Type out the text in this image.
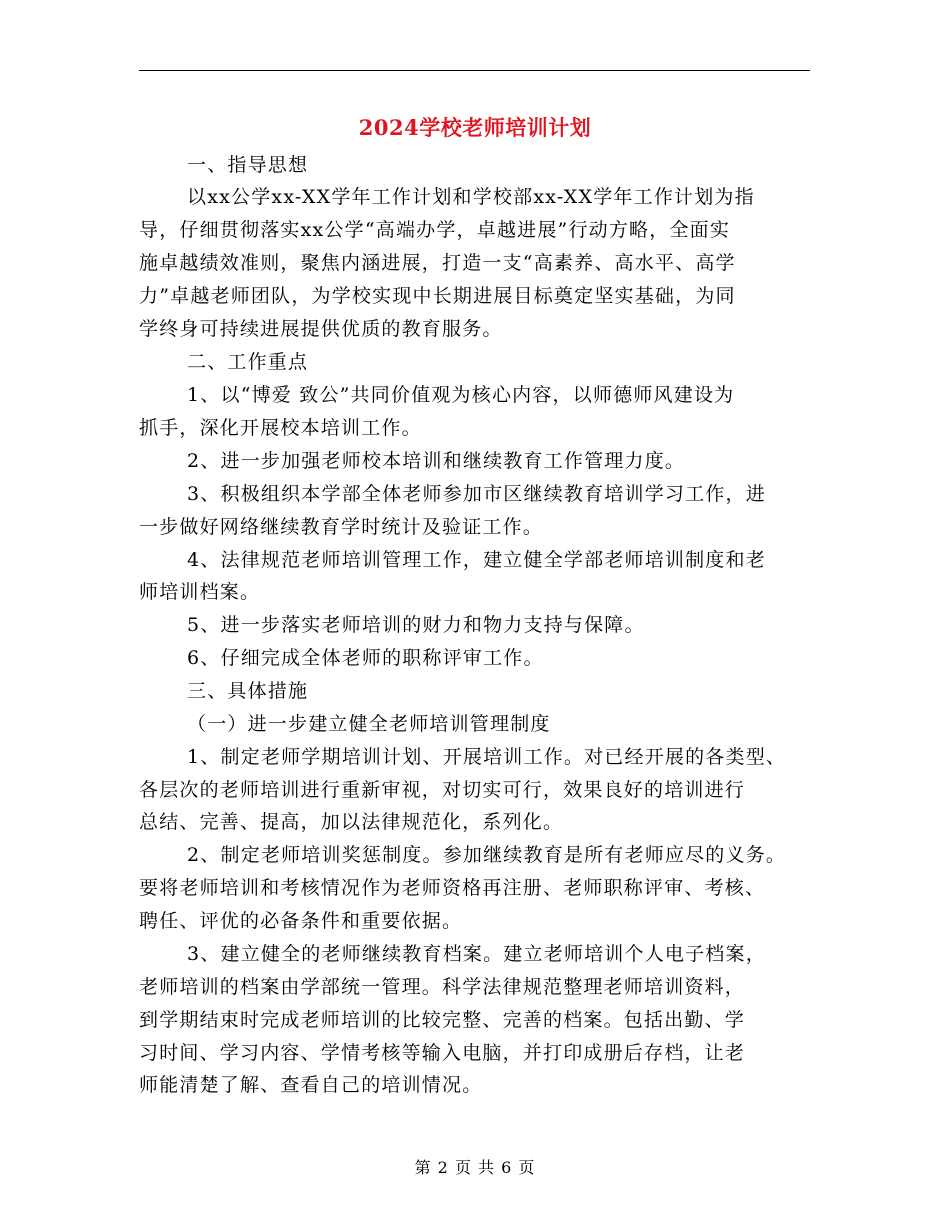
2024学校老师培训计划
一、指导思想
以xx公学xx-XX学年工作计划和学校部xx-XX学年工作计划为指
导，仔细贯彻落实xx公学“高端办学，卓越进展”行动方略，全面实
施卓越绩效准则，聚焦内涵进展，打造一支“高素养、高水平、高学
力”卓越老师团队，为学校实现中长期进展目标奠定坚实基础，为同
学终身可持续进展提供优质的教育服务。
二、工作重点
1、以“博爱 致公”共同价值观为核心内容，以师德师风建设为
抓手，深化开展校本培训工作。
2、进一步加强老师校本培训和继续教育工作管理力度。
3、积极组织本学部全体老师参加市区继续教育培训学习工作，进
一步做好网络继续教育学时统计及验证工作。
4、法律规范老师培训管理工作，建立健全学部老师培训制度和老
师培训档案。
5、进一步落实老师培训的财力和物力支持与保障。
6、仔细完成全体老师的职称评审工作。
三、具体措施
（一）进一步建立健全老师培训管理制度
1、制定老师学期培训计划、开展培训工作。对已经开展的各类型、
各层次的老师培训进行重新审视，对切实可行，效果良好的培训进行
总结、完善、提高，加以法律规范化，系列化。
2、制定老师培训奖惩制度。参加继续教育是所有老师应尽的义务。
要将老师培训和考核情况作为老师资格再注册、老师职称评审、考核、
聘任、评优的必备条件和重要依据。
3、建立健全的老师继续教育档案。建立老师培训个人电子档案，
老师培训的档案由学部统一管理。科学法律规范整理老师培训资料，
到学期结束时完成老师培训的比较完整、完善的档案。包括出勤、学
习时间、学习内容、学情考核等输入电脑，并打印成册后存档，让老
师能清楚了解、查看自己的培训情况。
第 2 页 共 6 页
